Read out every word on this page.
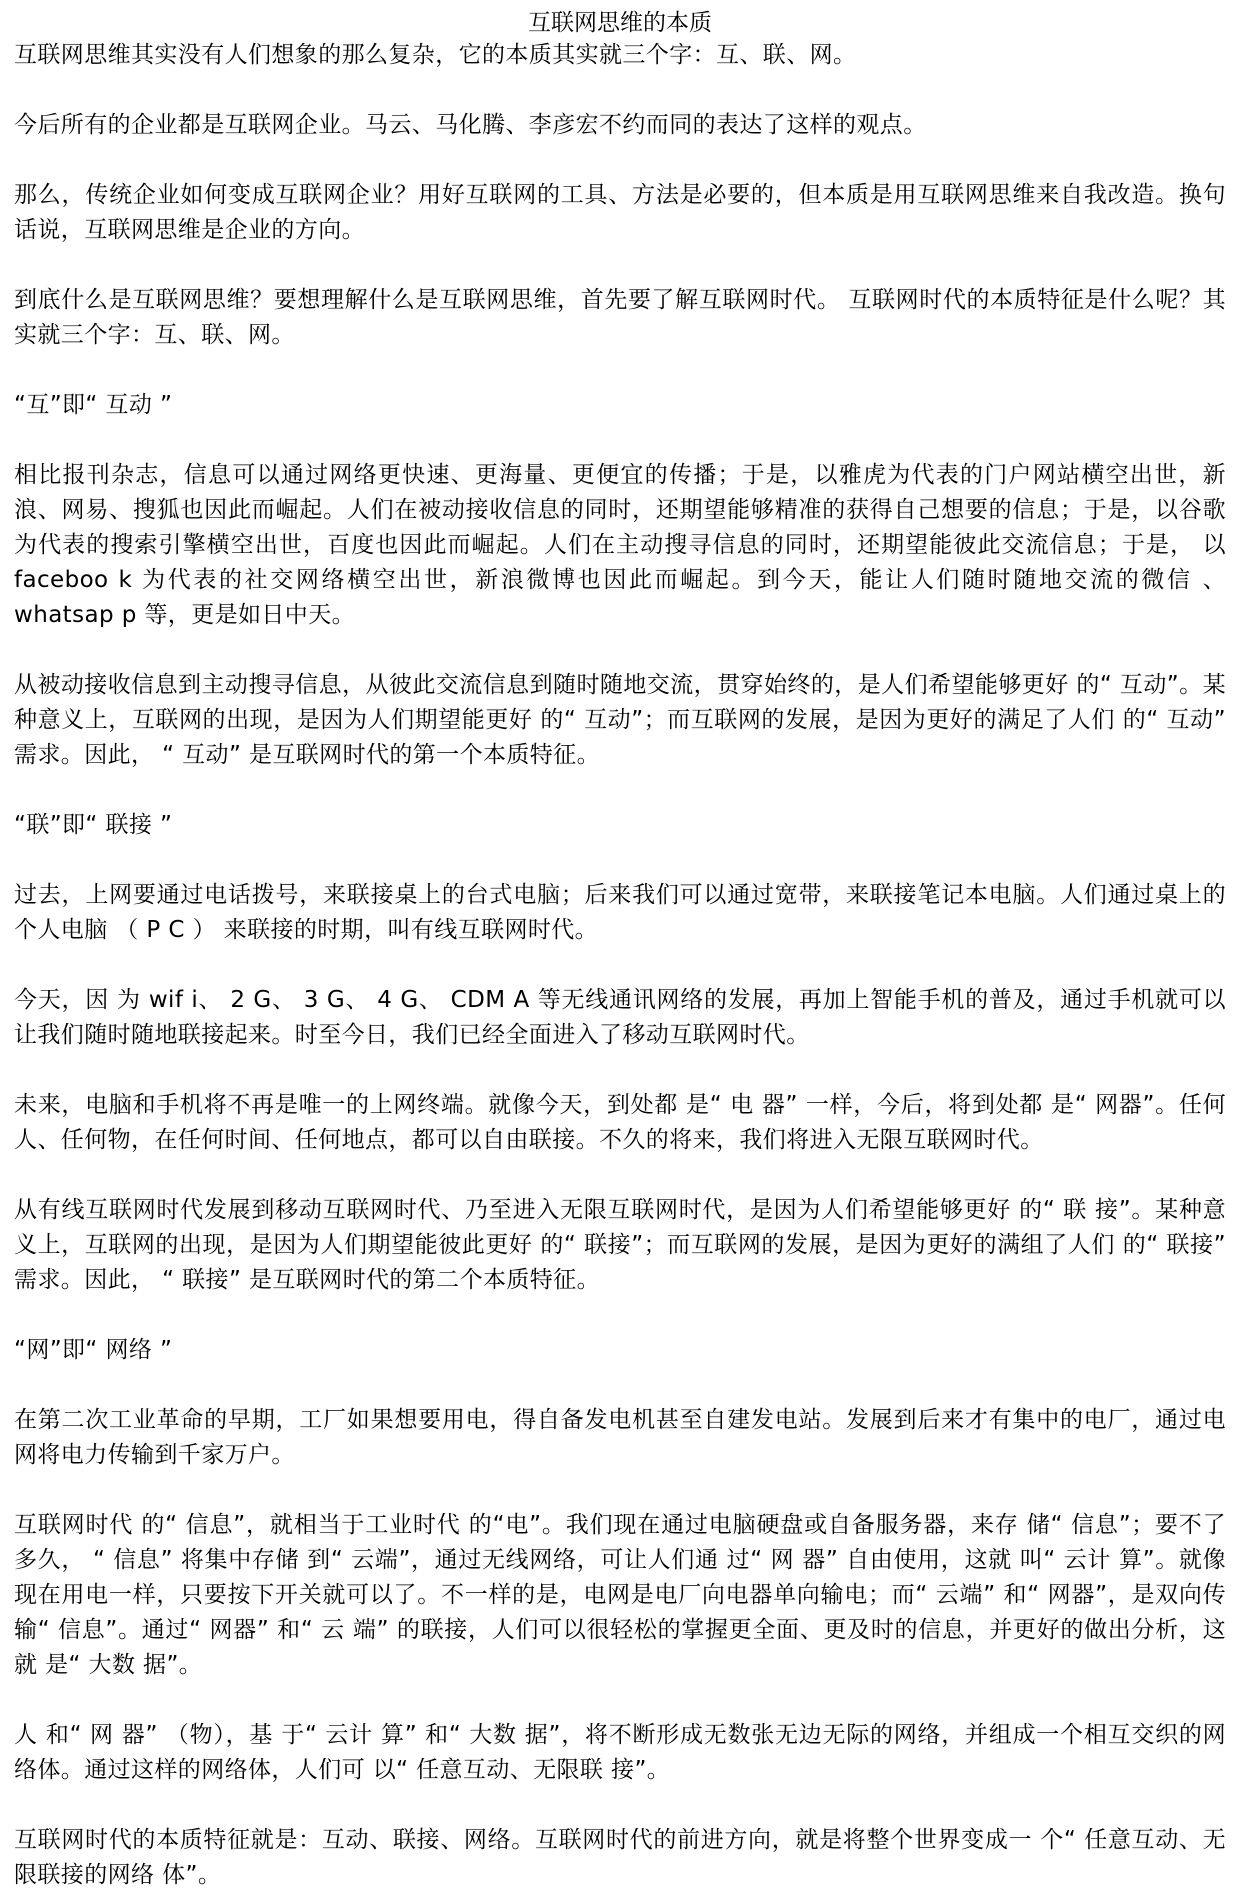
互联网思维的本质

互联网思维其实没有人们想象的那么复杂，它的本质其实就三个字：互、联、网。

今后所有的企业都是互联网企业。马云、马化腾、李彦宏不约而同的表达了这样的观点。

那么，传统企业如何变成互联网企业？用好互联网的工具、方法是必要的，但本质是用互联网思维来自我改造。换句话说，互联网思维是企业的方向。

到底什么是互联网思维？要想理解什么是互联网思维，首先要了解互联网时代。 互联网时代的本质特征是什么呢？其实就三个字：互、联、网。

“互”即“ 互动 ”

相比报刊杂志，信息可以通过网络更快速、更海量、更便宜的传播；于是，以雅虎为代表的门户网站横空出世，新浪、网易、搜狐也因此而崛起。人们在被动接收信息的同时，还期望能够精准的获得自己想要的信息；于是，以谷歌为代表的搜索引擎横空出世，百度也因此而崛起。人们在主动搜寻信息的同时，还期望能彼此交流信息；于是， 以 faceboo k 为代表的社交网络横空出世，新浪微博也因此而崛起。到今天，能让人们随时随地交流的微信 、 whatsap p 等，更是如日中天。

从被动接收信息到主动搜寻信息，从彼此交流信息到随时随地交流，贯穿始终的，是人们希望能够更好 的“ 互动”。某种意义上，互联网的出现，是因为人们期望能更好 的“ 互动”；而互联网的发展，是因为更好的满足了人们 的“ 互动” 需求。因此， “ 互动” 是互联网时代的第一个本质特征。

“联”即“ 联接 ”

过去，上网要通过电话拨号，来联接桌上的台式电脑；后来我们可以通过宽带，来联接笔记本电脑。人们通过桌上的个人电脑 （ P C ） 来联接的时期，叫有线互联网时代。

今天，因 为 wif i、 2 G、 3 G、 4 G、 CDM A 等无线通讯网络的发展，再加上智能手机的普及，通过手机就可以让我们随时随地联接起来。时至今日，我们已经全面进入了移动互联网时代。

未来，电脑和手机将不再是唯一的上网终端。就像今天，到处都 是“ 电 器” 一样，今后，将到处都 是“ 网器”。任何人、任何物，在任何时间、任何地点，都可以自由联接。不久的将来，我们将进入无限互联网时代。

从有线互联网时代发展到移动互联网时代、乃至进入无限互联网时代，是因为人们希望能够更好 的“ 联 接”。某种意义上，互联网的出现，是因为人们期望能彼此更好 的“ 联接”；而互联网的发展，是因为更好的满组了人们 的“ 联接” 需求。因此， “ 联接” 是互联网时代的第二个本质特征。

“网”即“ 网络 ”

在第二次工业革命的早期，工厂如果想要用电，得自备发电机甚至自建发电站。发展到后来才有集中的电厂，通过电网将电力传输到千家万户。

互联网时代 的“ 信息”，就相当于工业时代 的“电”。我们现在通过电脑硬盘或自备服务器，来存 储“ 信息”；要不了多久， “ 信息” 将集中存储 到“ 云端”，通过无线网络，可让人们通 过“ 网 器” 自由使用，这就 叫“ 云计 算”。就像现在用电一样，只要按下开关就可以了。不一样的是，电网是电厂向电器单向输电；而“ 云端” 和“ 网器”，是双向传 输“ 信息”。通过“ 网器” 和“ 云 端” 的联接，人们可以很轻松的掌握更全面、更及时的信息，并更好的做出分析，这就 是“ 大数 据”。

人 和“ 网 器” （物），基 于“ 云计 算” 和“ 大数 据”，将不断形成无数张无边无际的网络，并组成一个相互交织的网络体。通过这样的网络体，人们可 以“ 任意互动、无限联 接”。

互联网时代的本质特征就是：互动、联接、网络。互联网时代的前进方向，就是将整个世界变成一 个“ 任意互动、无限联接的网络 体”。
